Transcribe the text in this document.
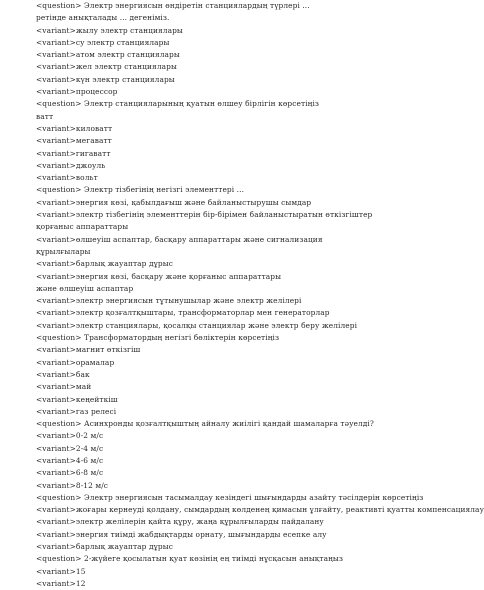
<question> Электр энергиясын өндіретін станциялардың түрлері ...
ретінде анықталады ... дегеніміз.
<variant>жылу электр станциялары
<variant>су электр станциялары
<variant>атом электр станциялары
<variant>жел электр станциялары
<variant>күн электр станциялары
<variant>процессор
<question> Электр станцияларының қуатын өлшеу бірлігін көрсетіңіз
ватт
<variant>киловатт
<variant>мегаватт
<variant>гигаватт
<variant>джоуль
<variant>вольт
<question> Электр тізбегінің негізгі элементтері ...
<variant>энергия көзі, қабылдағыш және байланыстырушы сымдар
<variant>электр тізбегінің элементтерін бір-бірімен байланыстыратын өткізгіштер
қорғаныс аппараттары
<variant>өлшеуіш аспаптар, басқару аппараттары және сигнализация
құрылғылары
<variant>барлық жауаптар дұрыс
<variant>энергия көзі, басқару және қорғаныс аппараттары
және өлшеуіш аспаптар
<variant>электр энергиясын тұтынушылар және электр желілері
<variant>электр қозғалтқыштары, трансформаторлар мен генераторлар
<variant>электр станциялары, қосалқы станциялар және электр беру желілері
<question> Трансформатордың негізгі бөліктерін көрсетіңіз
<variant>магнит өткізгіш
<variant>орамалар
<variant>бак
<variant>май
<variant>кеңейткіш
<variant>газ релесі
<question> Асинхронды қозғалтқыштың айналу жиілігі қандай шамаларға тәуелді?
<variant>0-2 м/с
<variant>2-4 м/с
<variant>4-6 м/с
<variant>6-8 м/с
<variant>8-12 м/с
<question> Электр энергиясын тасымалдау кезіндегі шығындарды азайту тәсілдерін көрсетіңіз
<variant>жоғары кернеуді қолдану, сымдардың көлденең қимасын ұлғайту, реактивті қуатты компенсациялау
<variant>электр желілерін қайта құру, жаңа құрылғыларды пайдалану
<variant>энергия тиімді жабдықтарды орнату, шығындарды есепке алу
<variant>барлық жауаптар дұрыс
<question> 2-жүйеге қосылатын қуат көзінің ең тиімді нұсқасын анықтаңыз
<variant>15
<variant>12
